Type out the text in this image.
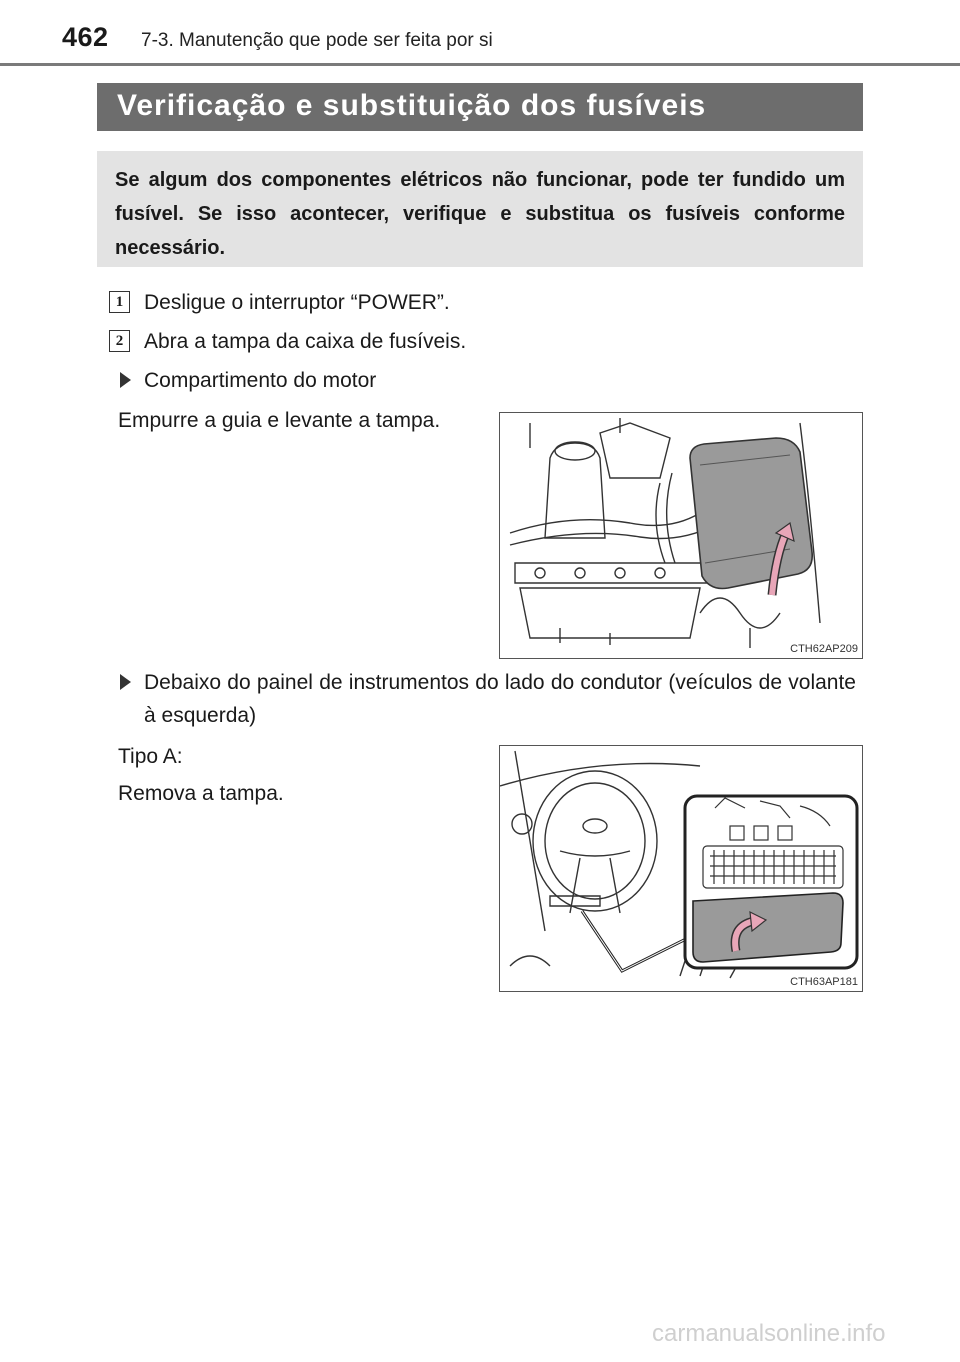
462 7-3. Manutenção que pode ser feita por si
Verificação e substituição dos fusíveis
Se algum dos componentes elétricos não funcionar, pode ter fundido um fusível. Se isso acontecer, verifique e substitua os fusíveis conforme necessário.
1 Desligue o interruptor “POWER”.
2 Abra a tampa da caixa de fusíveis.
Compartimento do motor
Empurre a guia e levante a tampa.
CTH62AP209
Debaixo do painel de instrumentos do lado do condutor (veículos de volante à esquerda)
Tipo A:
Remova a tampa.
CTH63AP181
carmanualsonline.info
